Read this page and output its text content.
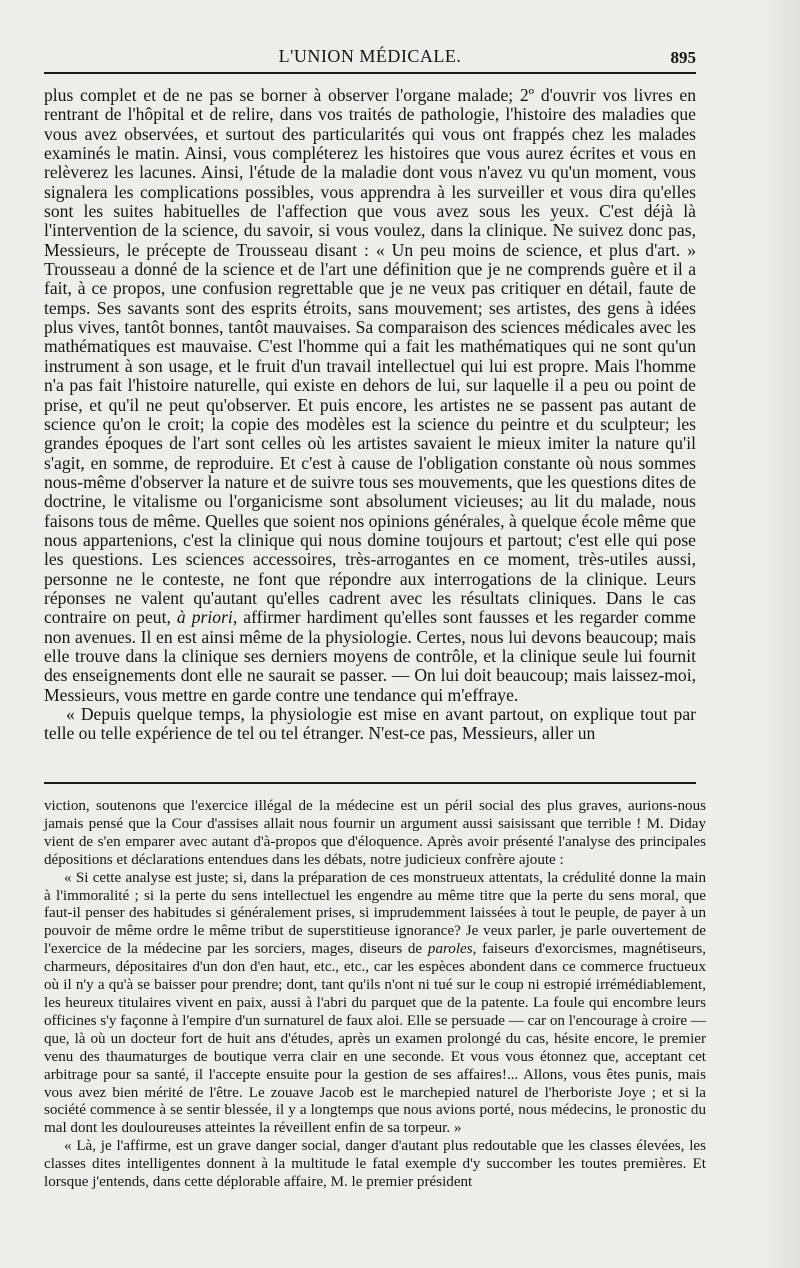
L'UNION MÉDICALE.	895

plus complet et de ne pas se borner à observer l'organe malade; 2º d'ouvrir vos livres en rentrant de l'hôpital et de relire, dans vos traités de pathologie, l'histoire des maladies que vous avez observées, et surtout des particularités qui vous ont frappés chez les malades examinés le matin. Ainsi, vous compléterez les histoires que vous aurez écrites et vous en relèverez les lacunes. Ainsi, l'étude de la maladie dont vous n'avez vu qu'un moment, vous signalera les complications possibles, vous apprendra à les surveiller et vous dira qu'elles sont les suites habituelles de l'affection que vous avez sous les yeux. C'est déjà là l'intervention de la science, du savoir, si vous voulez, dans la clinique. Ne suivez donc pas, Messieurs, le précepte de Trousseau disant : « Un peu moins de science, et plus d'art. » Trousseau a donné de la science et de l'art une définition que je ne comprends guère et il a fait, à ce propos, une confusion regrettable que je ne veux pas critiquer en détail, faute de temps. Ses savants sont des esprits étroits, sans mouvement; ses artistes, des gens à idées plus vives, tantôt bonnes, tantôt mauvaises. Sa comparaison des sciences médicales avec les mathématiques est mauvaise. C'est l'homme qui a fait les mathématiques qui ne sont qu'un instrument à son usage, et le fruit d'un travail intellectuel qui lui est propre. Mais l'homme n'a pas fait l'histoire naturelle, qui existe en dehors de lui, sur laquelle il a peu ou point de prise, et qu'il ne peut qu'observer. Et puis encore, les artistes ne se passent pas autant de science qu'on le croit; la copie des modèles est la science du peintre et du sculpteur; les grandes époques de l'art sont celles où les artistes savaient le mieux imiter la nature qu'il s'agit, en somme, de reproduire. Et c'est à cause de l'obligation constante où nous sommes nous-même d'observer la nature et de suivre tous ses mouvements, que les questions dites de doctrine, le vitalisme ou l'organicisme sont absolument vicieuses; au lit du malade, nous faisons tous de même. Quelles que soient nos opinions générales, à quelque école même que nous appartenions, c'est la clinique qui nous domine toujours et partout; c'est elle qui pose les questions. Les sciences accessoires, très-arrogantes en ce moment, très-utiles aussi, personne ne le conteste, ne font que répondre aux interrogations de la clinique. Leurs réponses ne valent qu'autant qu'elles cadrent avec les résultats cliniques. Dans le cas contraire on peut, à priori, affirmer hardiment qu'elles sont fausses et les regarder comme non avenues. Il en est ainsi même de la physiologie. Certes, nous lui devons beaucoup; mais elle trouve dans la clinique ses derniers moyens de contrôle, et la clinique seule lui fournit des enseignements dont elle ne saurait se passer. — On lui doit beaucoup; mais laissez-moi, Messieurs, vous mettre en garde contre une tendance qui m'effraye.

« Depuis quelque temps, la physiologie est mise en avant partout, on explique tout par telle ou telle expérience de tel ou tel étranger. N'est-ce pas, Messieurs, aller un

viction, soutenons que l'exercice illégal de la médecine est un péril social des plus graves, aurions-nous jamais pensé que la Cour d'assises allait nous fournir un argument aussi saisissant que terrible ! M. Diday vient de s'en emparer avec autant d'à-propos que d'éloquence. Après avoir présenté l'analyse des principales dépositions et déclarations entendues dans les débats, notre judicieux confrère ajoute :

« Si cette analyse est juste; si, dans la préparation de ces monstrueux attentats, la crédulité donne la main à l'immoralité ; si la perte du sens intellectuel les engendre au même titre que la perte du sens moral, que faut-il penser des habitudes si généralement prises, si imprudemment laissées à tout le peuple, de payer à un pouvoir de même ordre le même tribut de superstitieuse ignorance? Je veux parler, je parle ouvertement de l'exercice de la médecine par les sorciers, mages, diseurs de paroles, faiseurs d'exorcismes, magnétiseurs, charmeurs, dépositaires d'un don d'en haut, etc., etc., car les espèces abondent dans ce commerce fructueux où il n'y a qu'à se baisser pour prendre; dont, tant qu'ils n'ont ni tué sur le coup ni estropié irrémédiablement, les heureux titulaires vivent en paix, aussi à l'abri du parquet que de la patente. La foule qui encombre leurs officines s'y façonne à l'empire d'un surnaturel de faux aloi. Elle se persuade — car on l'encourage à croire — que, là où un docteur fort de huit ans d'études, après un examen prolongé du cas, hésite encore, le premier venu des thaumaturges de boutique verra clair en une seconde. Et vous vous étonnez que, acceptant cet arbitrage pour sa santé, il l'accepte ensuite pour la gestion de ses affaires!... Allons, vous êtes punis, mais vous avez bien mérité de l'être. Le zouave Jacob est le marchepied naturel de l'herboriste Joye ; et si la société commence à se sentir blessée, il y a longtemps que nous avions porté, nous médecins, le pronostic du mal dont les douloureuses atteintes la réveillent enfin de sa torpeur. »

« Là, je l'affirme, est un grave danger social, danger d'autant plus redoutable que les classes élevées, les classes dites intelligentes donnent à la multitude le fatal exemple d'y succomber les toutes premières. Et lorsque j'entends, dans cette déplorable affaire, M. le premier président
